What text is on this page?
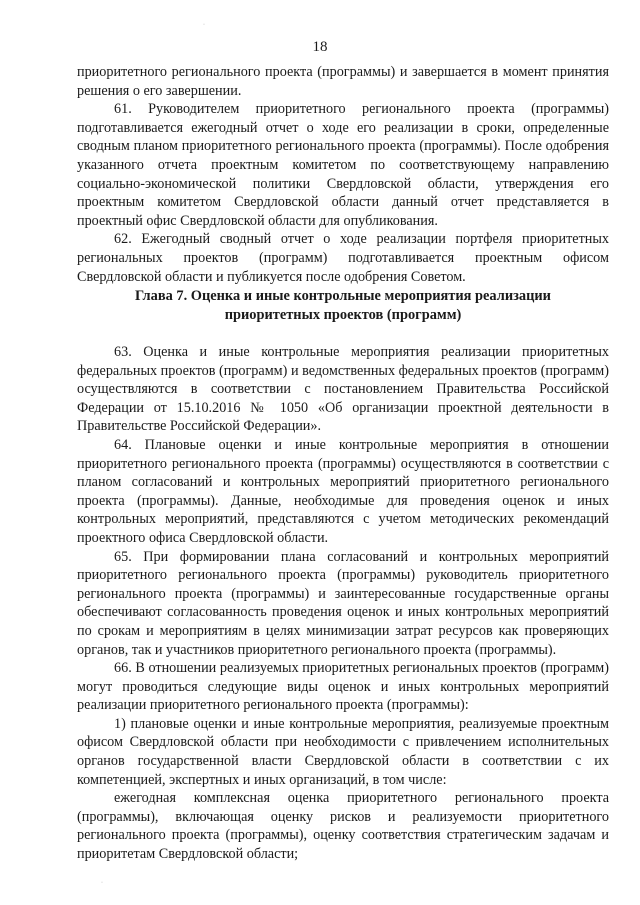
18

приоритетного регионального проекта (программы) и завершается в момент принятия решения о его завершении.

61. Руководителем приоритетного регионального проекта (программы) подготавливается ежегодный отчет о ходе его реализации в сроки, определенные сводным планом приоритетного регионального проекта (программы). После одобрения указанного отчета проектным комитетом по соответствующему направлению социально-экономической политики Свердловской области, утверждения его проектным комитетом Свердловской области данный отчет представляется в проектный офис Свердловской области для опубликования.

62. Ежегодный сводный отчет о ходе реализации портфеля приоритетных региональных проектов (программ) подготавливается проектным офисом Свердловской области и публикуется после одобрения Советом.

Глава 7. Оценка и иные контрольные мероприятия реализации
приоритетных проектов (программ)

63. Оценка и иные контрольные мероприятия реализации приоритетных федеральных проектов (программ) и ведомственных федеральных проектов (программ) осуществляются в соответствии с постановлением Правительства Российской Федерации от 15.10.2016 № 1050 «Об организации проектной деятельности в Правительстве Российской Федерации».

64. Плановые оценки и иные контрольные мероприятия в отношении приоритетного регионального проекта (программы) осуществляются в соответствии с планом согласований и контрольных мероприятий приоритетного регионального проекта (программы). Данные, необходимые для проведения оценок и иных контрольных мероприятий, представляются с учетом методических рекомендаций проектного офиса Свердловской области.

65. При формировании плана согласований и контрольных мероприятий приоритетного регионального проекта (программы) руководитель приоритетного регионального проекта (программы) и заинтересованные государственные органы обеспечивают согласованность проведения оценок и иных контрольных мероприятий по срокам и мероприятиям в целях минимизации затрат ресурсов как проверяющих органов, так и участников приоритетного регионального проекта (программы).

66. В отношении реализуемых приоритетных региональных проектов (программ) могут проводиться следующие виды оценок и иных контрольных мероприятий реализации приоритетного регионального проекта (программы):

1) плановые оценки и иные контрольные мероприятия, реализуемые проектным офисом Свердловской области при необходимости с привлечением исполнительных органов государственной власти Свердловской области в соответствии с их компетенцией, экспертных и иных организаций, в том числе:

ежегодная комплексная оценка приоритетного регионального проекта (программы), включающая оценку рисков и реализуемости приоритетного регионального проекта (программы), оценку соответствия стратегическим задачам и приоритетам Свердловской области;

·
·
